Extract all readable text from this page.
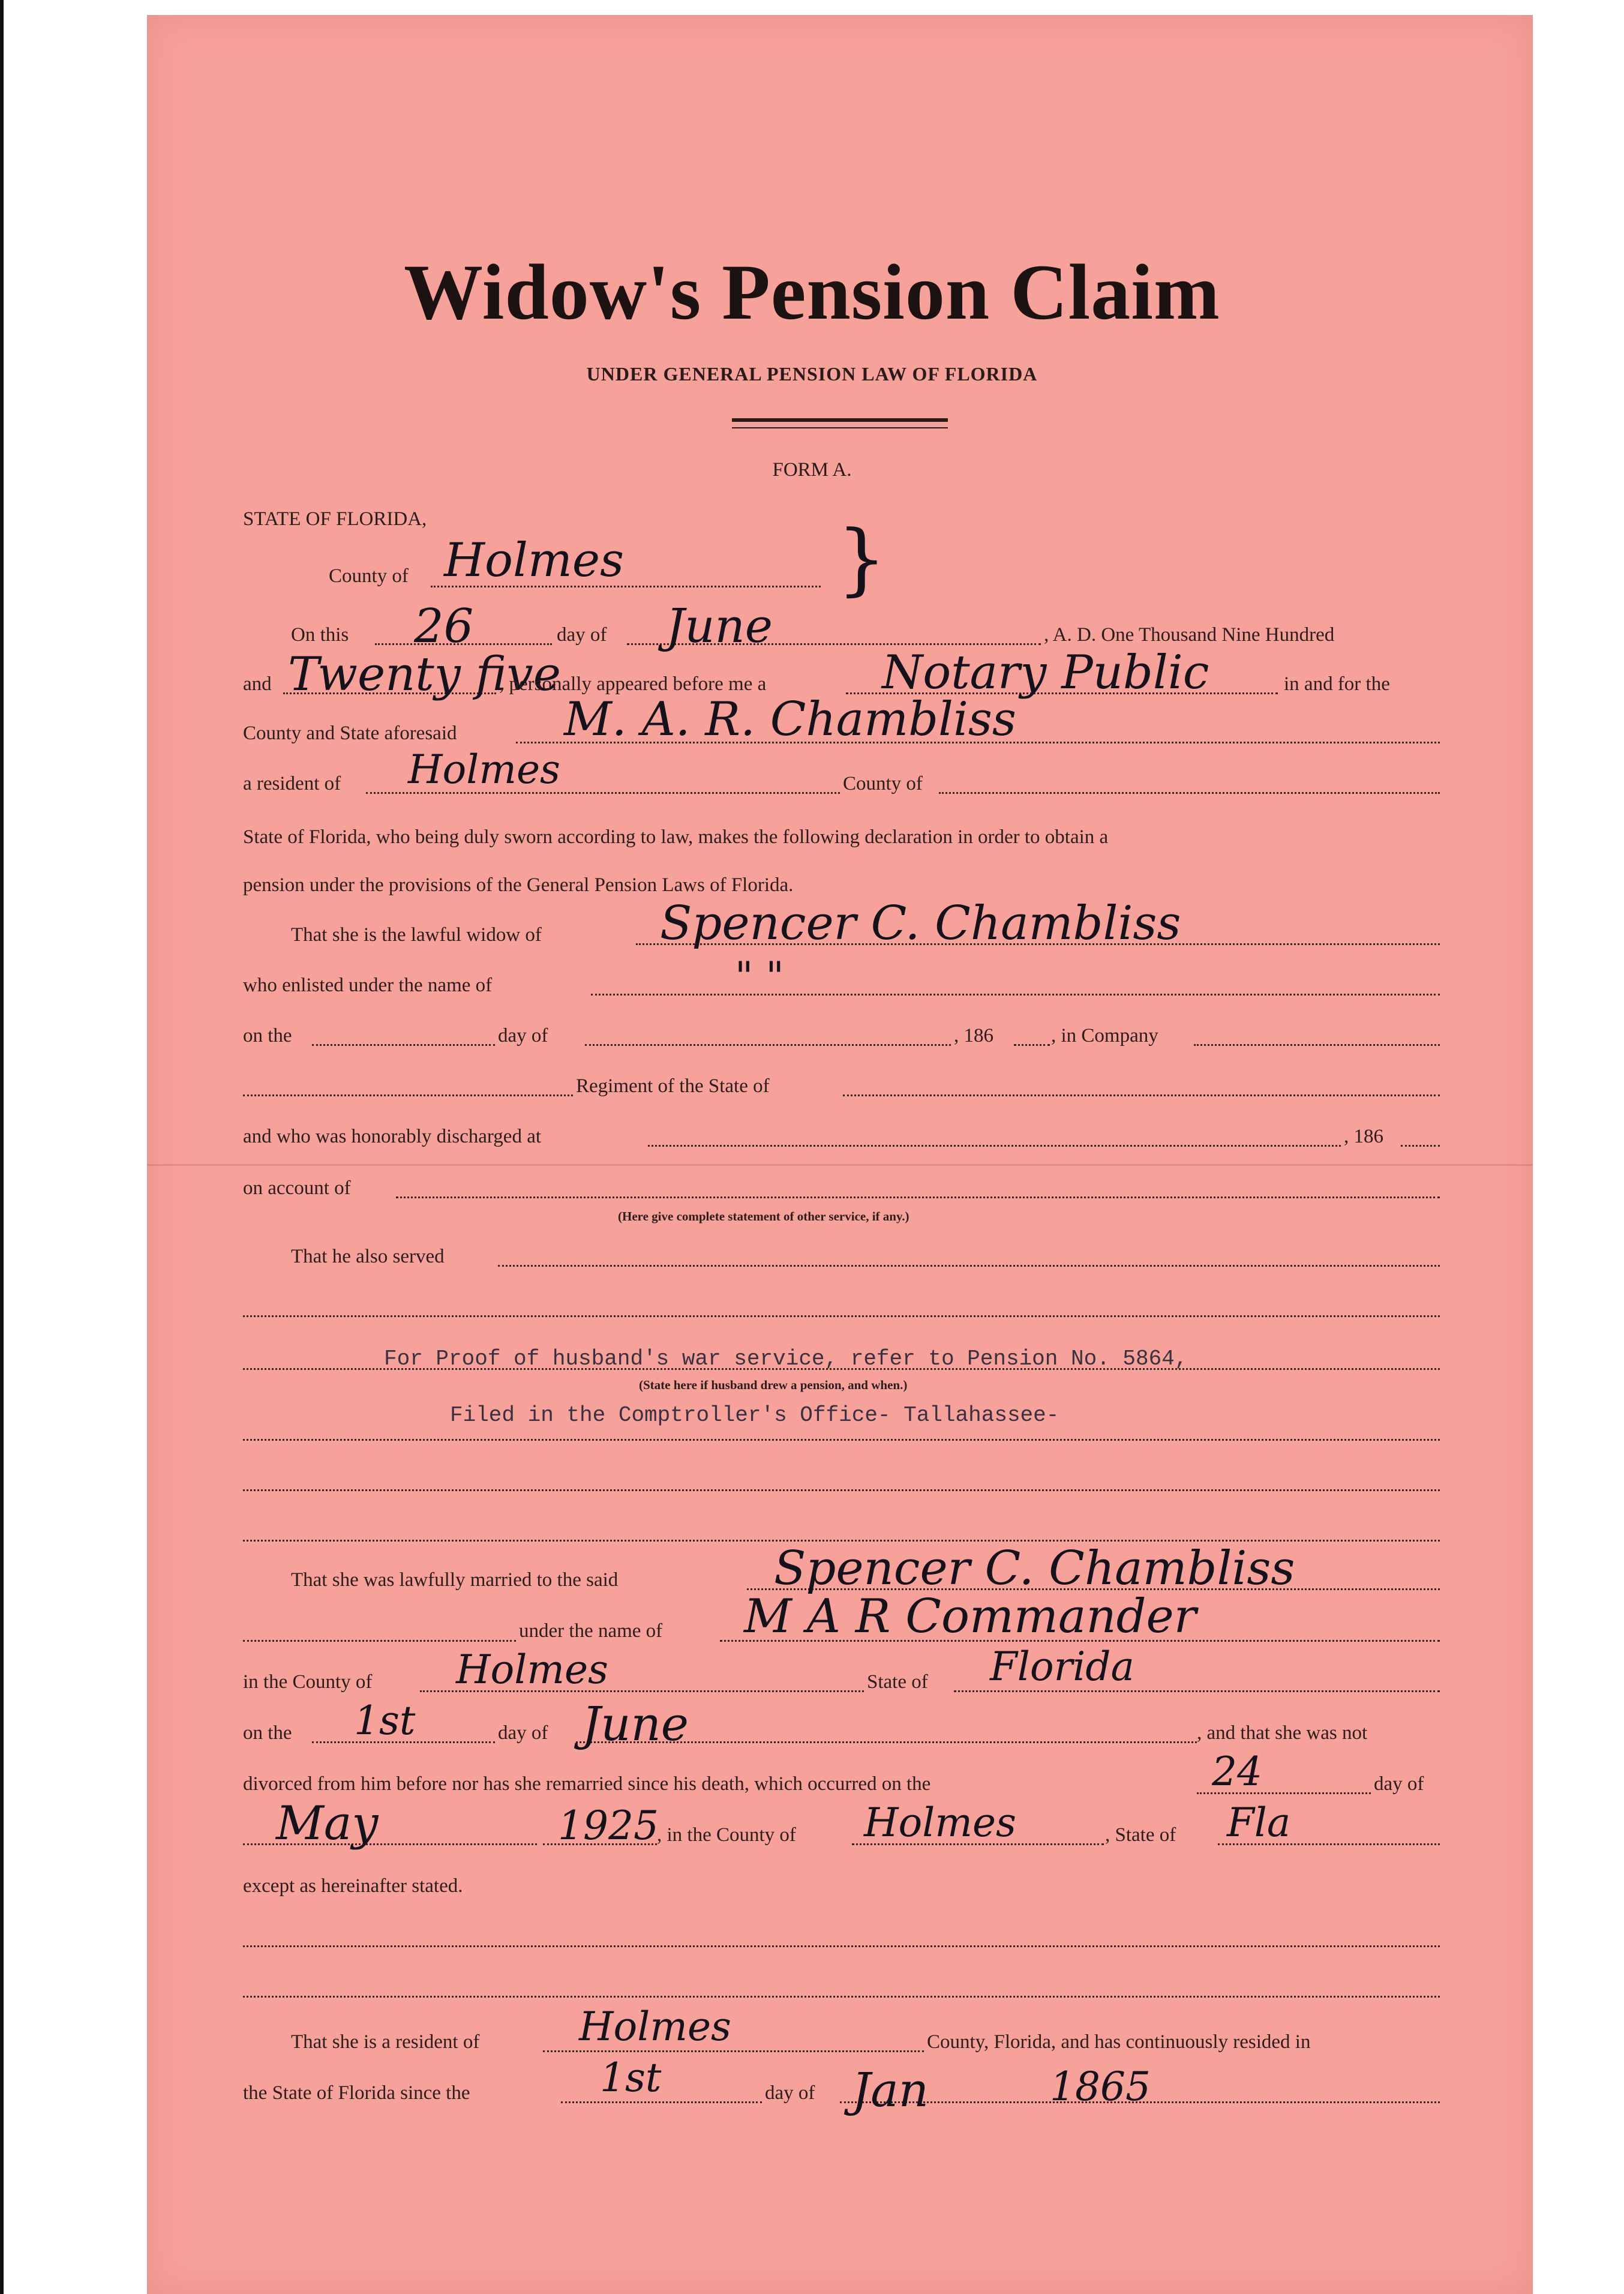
Widow's Pension Claim
UNDER GENERAL PENSION LAW OF FLORIDA
FORM A.
STATE OF FLORIDA,
County of Holmes	}
On this 26	day of June	, A. D. One Thousand Nine Hundred
and Twenty five
, personally appeared before me a Notary Public	in and for the
County and State aforesaid M. A. R. Chambliss
a resident of Holmes	County of
State of Florida, who being duly sworn according to law, makes the following declaration in order to obtain a
pension under the provisions of the General Pension Laws of Florida.
That she is the lawful widow of	Spencer C. Chambliss
who enlisted under the name of	" "
on the	day of	, 186	, in Company
Regiment of the State of
and who was honorably discharged at	, 186
on account of
(Here give complete statement of other service, if any.)
That he also served
For Proof of husband's war service, refer to Pension No. 5864,
(State here if husband drew a pension, and when.)
Filed in the Comptroller's Office- Tallahassee-
That she was lawfully married to the said	Spencer C. Chambliss
under the name of M A R Commander
in the County of Holmes	State of Florida
on the 1st	day of June	, and that she was not
divorced from him before nor has she remarried since his death, which occurred on the	24	day of
May	1925
, in the County of Holmes	, State of Fla
except as hereinafter stated.
That she is a resident of	Holmes	County, Florida, and has continuously resided in
the State of Florida since the	1st	day of Jan	1865
